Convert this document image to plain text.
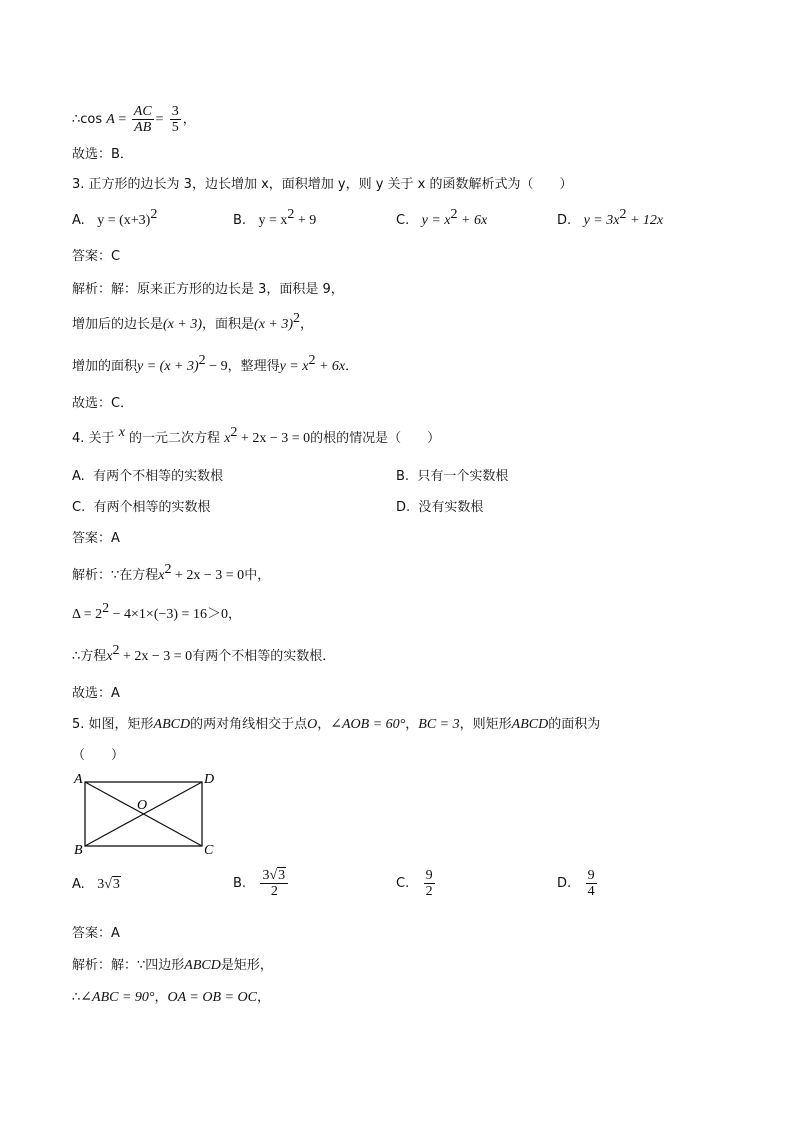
∴cos $A = \frac{AC}{AB} = \frac{3}{5}$ ，
故选：B．
3. 正方形的边长为 3，边长增加 x，面积增加 y，则 y 关于 x 的函数解析式为（　　）
A. $y = (x+3)^2$	B. $y = x^2 + 9$	C. $y = x^2 + 6x$	D. $y = 3x^2 + 12x$
答案：C
解析：解：原来正方形的边长是 3，面积是 9，
增加后的边长是(x + 3)，面积是$(x + 3)^2$，
增加的面积$y = (x + 3)^2 - 9$，整理得$y = x^2 + 6x$．
故选：C．
4. 关于 $^x$ 的一元二次方程 $x^2 + 2x - 3 = 0$的根的情况是（　　）
A. 有两个不相等的实数根	B. 只有一个实数根
C. 有两个相等的实数根	D. 没有实数根
答案：A
解析：∵在方程$x^2 + 2x - 3 = 0$中，
$\Delta = 2^2 - 4\times 1\times(-3) = 16>0$，
∴方程$x^2 + 2x - 3 = 0$有两个不相等的实数根．
故选：A
5. 如图，矩形ABCD的两对角线相交于点O，∠AOB = 60°，BC = 3，则矩形ABCD的面积为
（　　）
A	D
B	C
O
A. 3√3	B. $\frac{3√3}{2}$	C. $\frac{9}{2}$	D. $\frac{9}{4}$
答案：A
解析：解：∵四边形ABCD是矩形，
∴∠ABC = 90°，OA = OB = OC，
